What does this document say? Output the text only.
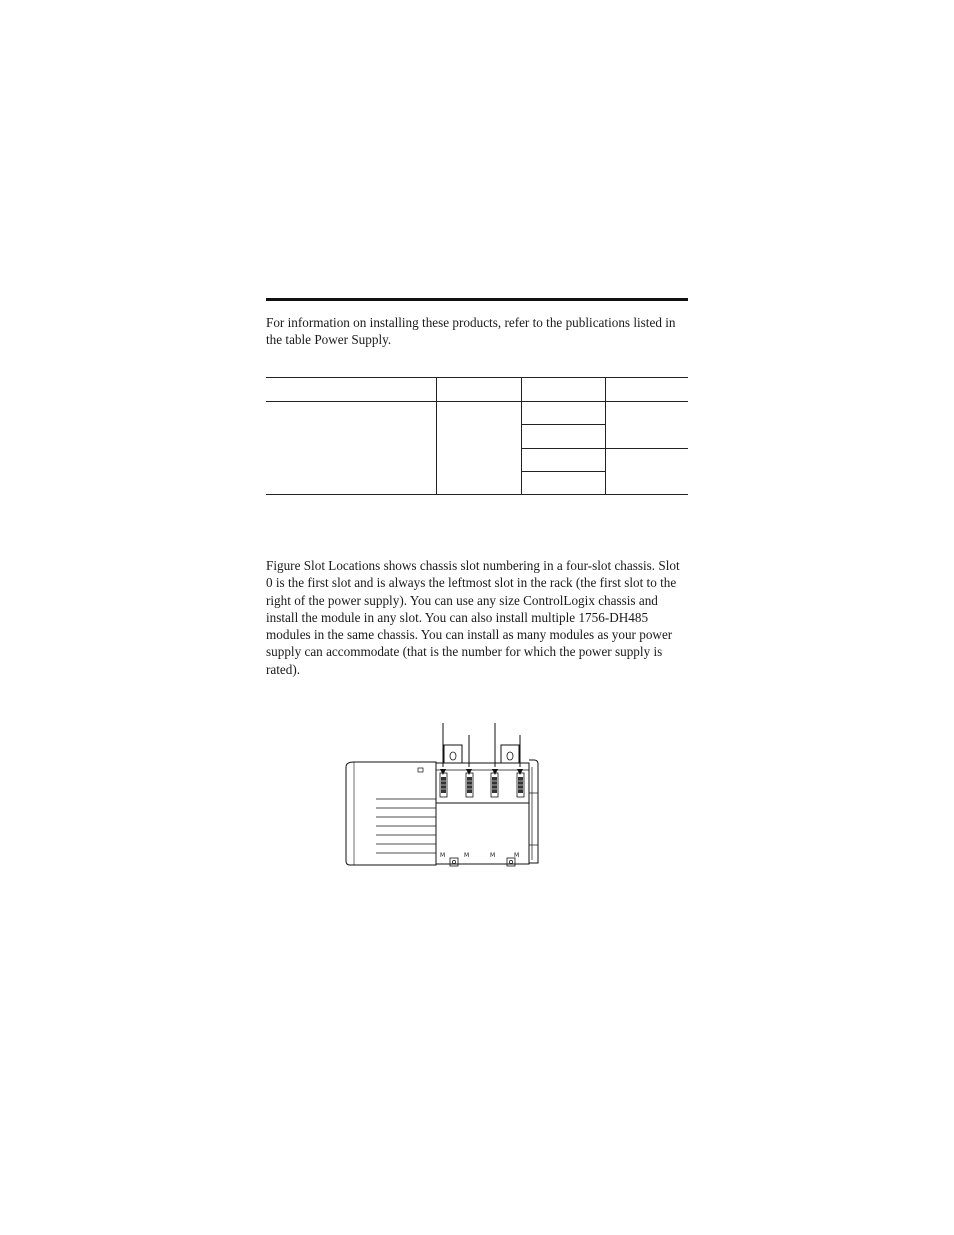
For information on installing these products, refer to the publications listed in the table Power Supply.

Figure Slot Locations shows chassis slot numbering in a four-slot chassis. Slot 0 is the first slot and is always the leftmost slot in the rack (the first slot to the right of the power supply). You can use any size ControlLogix chassis and install the module in any slot. You can also install multiple 1756-DH485 modules in the same chassis. You can install as many modules as your power supply can accommodate (that is the number for which the power supply is rated).

M	M	M	M
